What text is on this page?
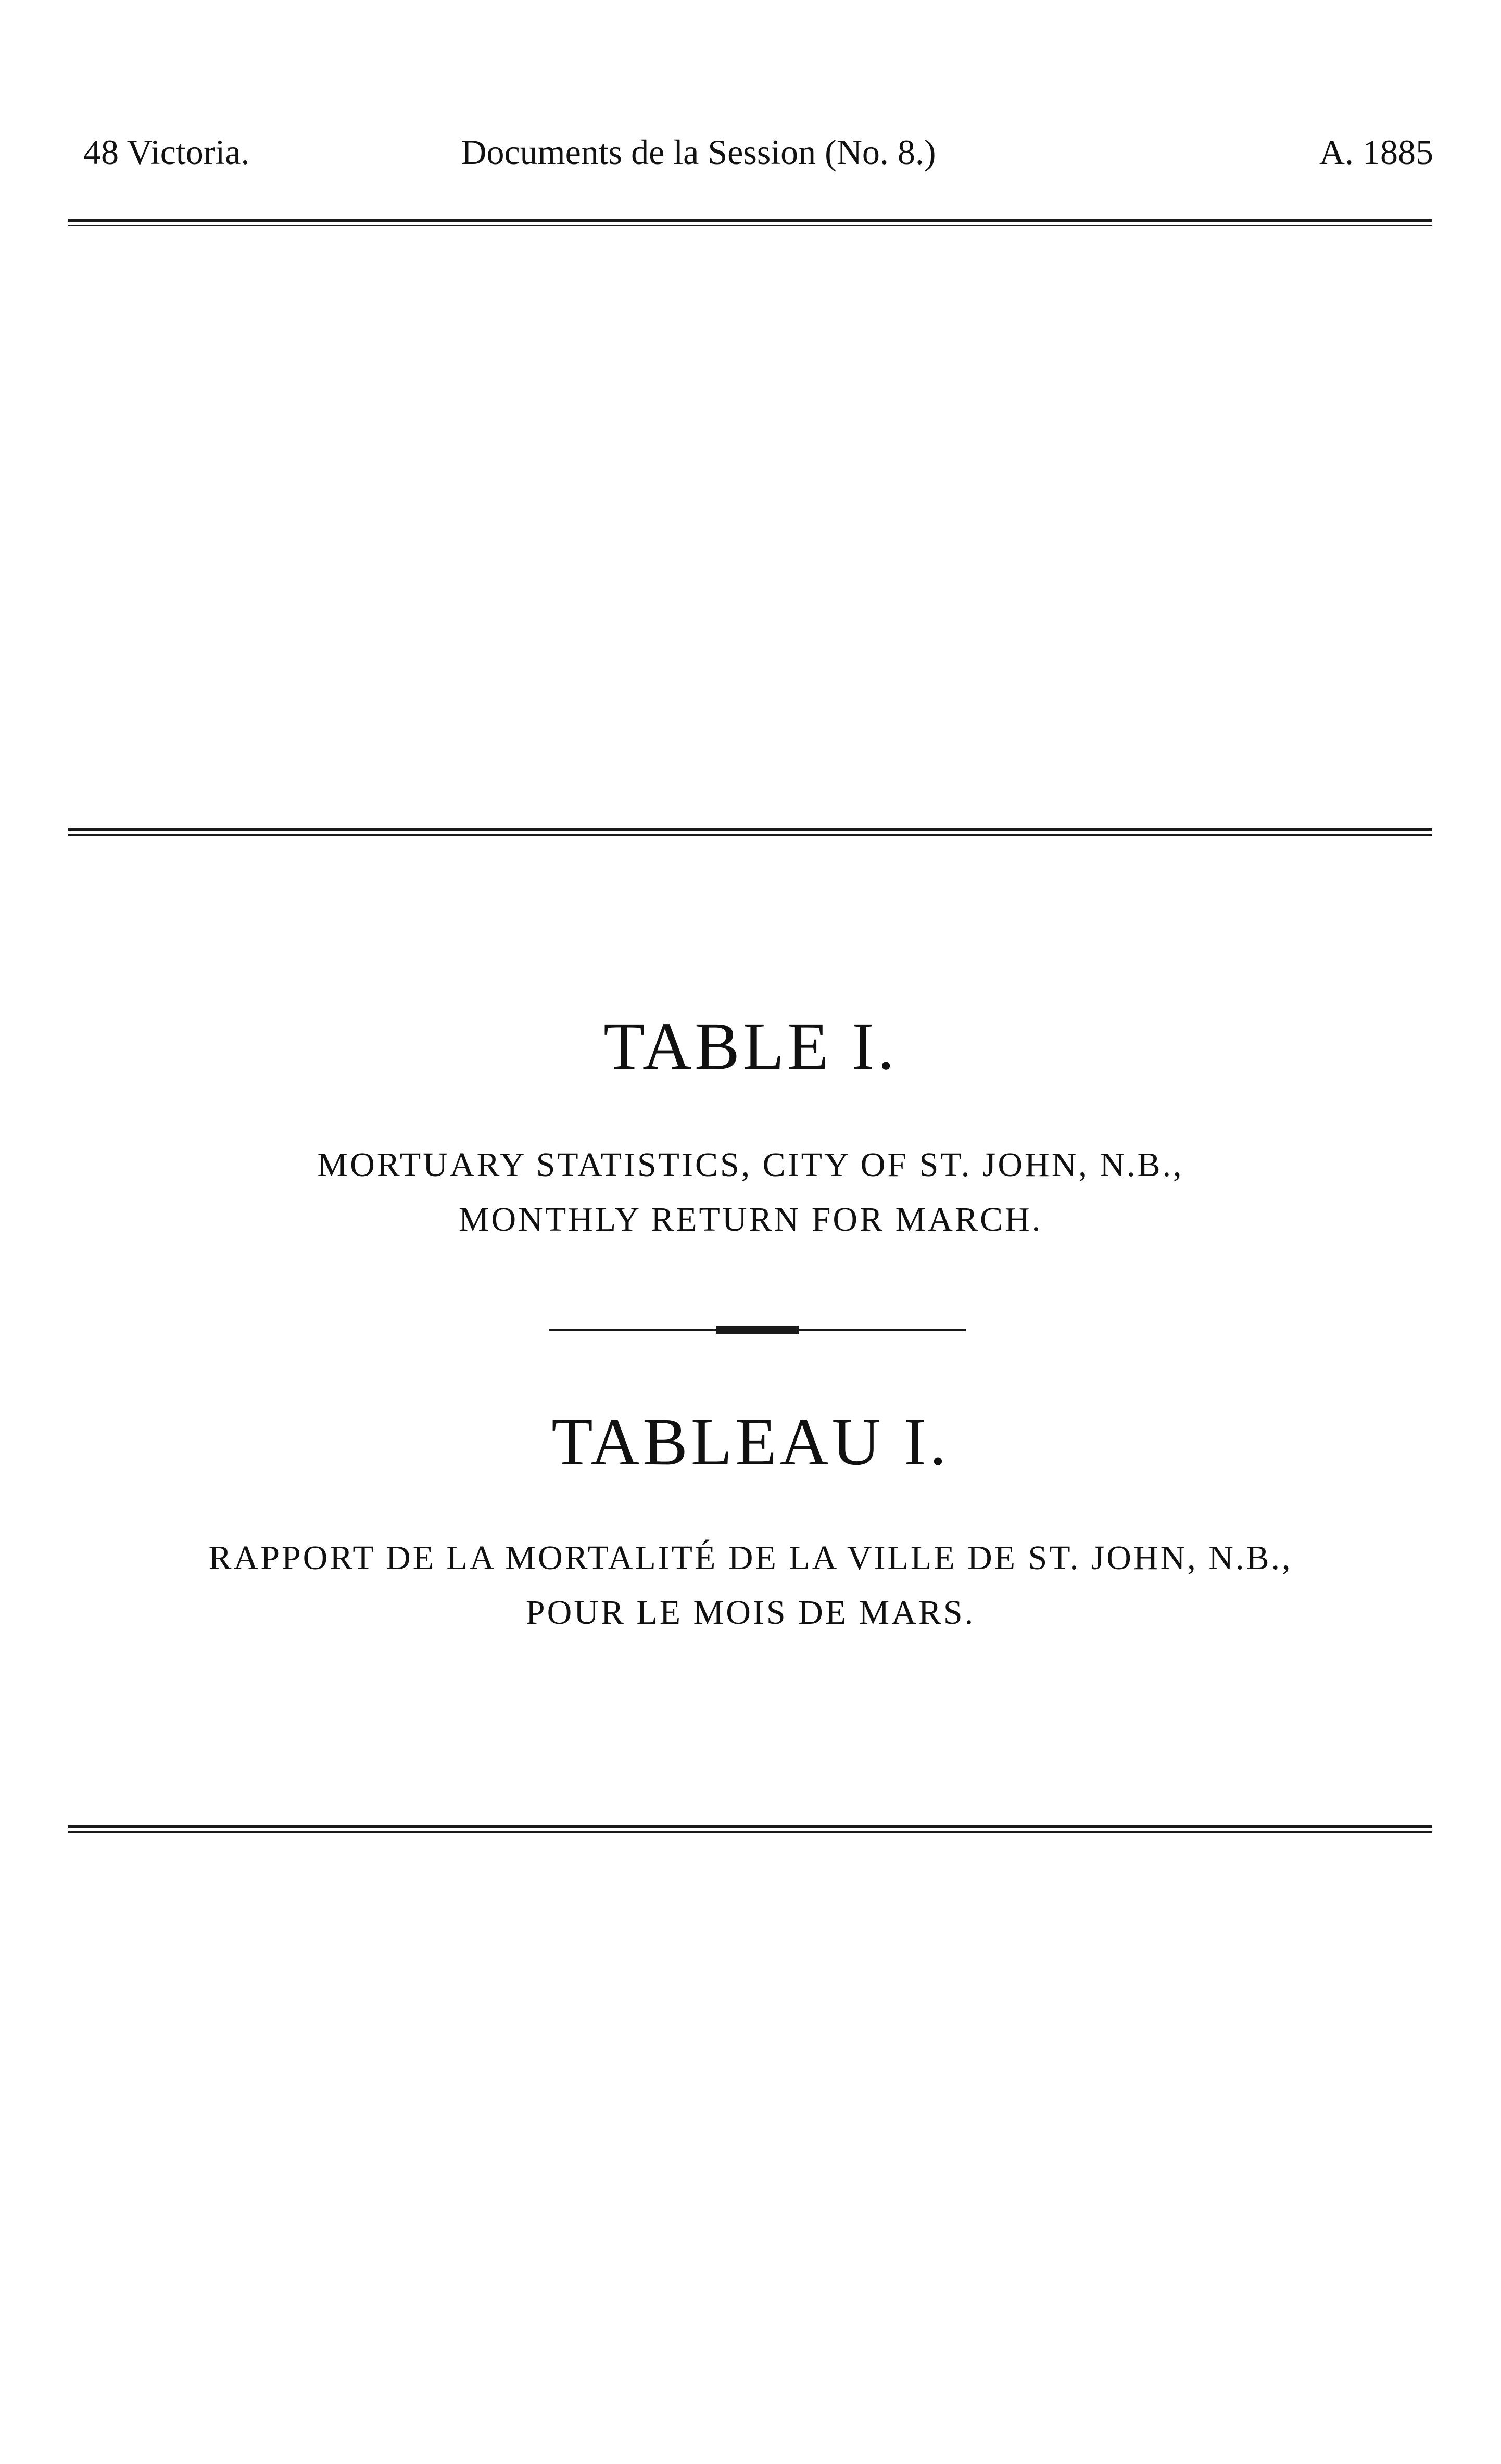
48 Victoria.	Documents de la Session (No. 8.)	A. 1885
TABLE I.
MORTUARY STATISTICS, CITY OF ST. JOHN, N.B.,
MONTHLY RETURN FOR MARCH.
TABLEAU I.
RAPPORT DE LA MORTALITÉ DE LA VILLE DE ST. JOHN, N.B.,
POUR LE MOIS DE MARS.
